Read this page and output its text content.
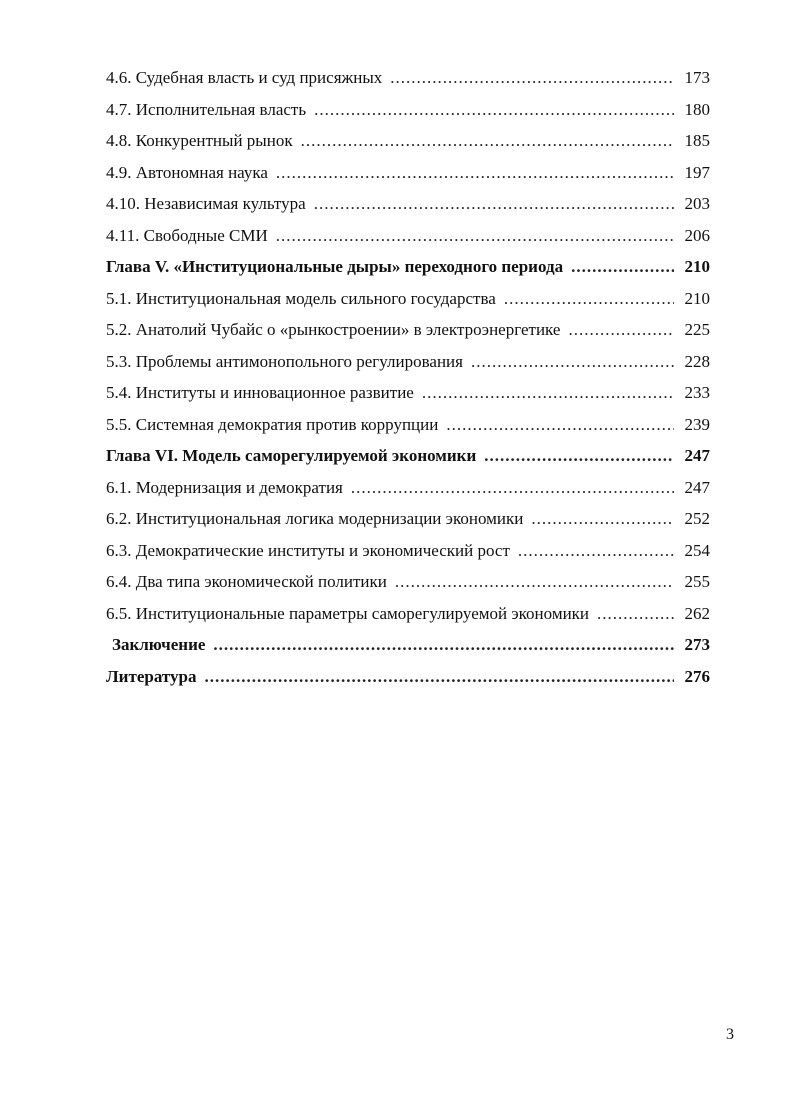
4.6. Судебная власть и суд присяжных .....	173
4.7. Исполнительная власть .....	180
4.8. Конкурентный рынок .....	185
4.9. Автономная наука .....	197
4.10. Независимая культура .....	203
4.11. Свободные СМИ .....	206
Глава V. «Институциональные дыры» переходного периода .....	210
5.1. Институциональная модель сильного государства .....	210
5.2. Анатолий Чубайс о «рынкостроении» в электроэнергетике .....	225
5.3. Проблемы антимонопольного регулирования .....	228
5.4. Институты и инновационное развитие .....	233
5.5. Системная демократия против коррупции .....	239
Глава VI. Модель саморегулируемой экономики .....	247
6.1. Модернизация и демократия .....	247
6.2. Институциональная логика модернизации экономики .....	252
6.3. Демократические институты и экономический рост .....	254
6.4. Два типа экономической политики .....	255
6.5. Институциональные параметры саморегулируемой экономики .....	262
Заключение .....	273
Литература .....	276
3
